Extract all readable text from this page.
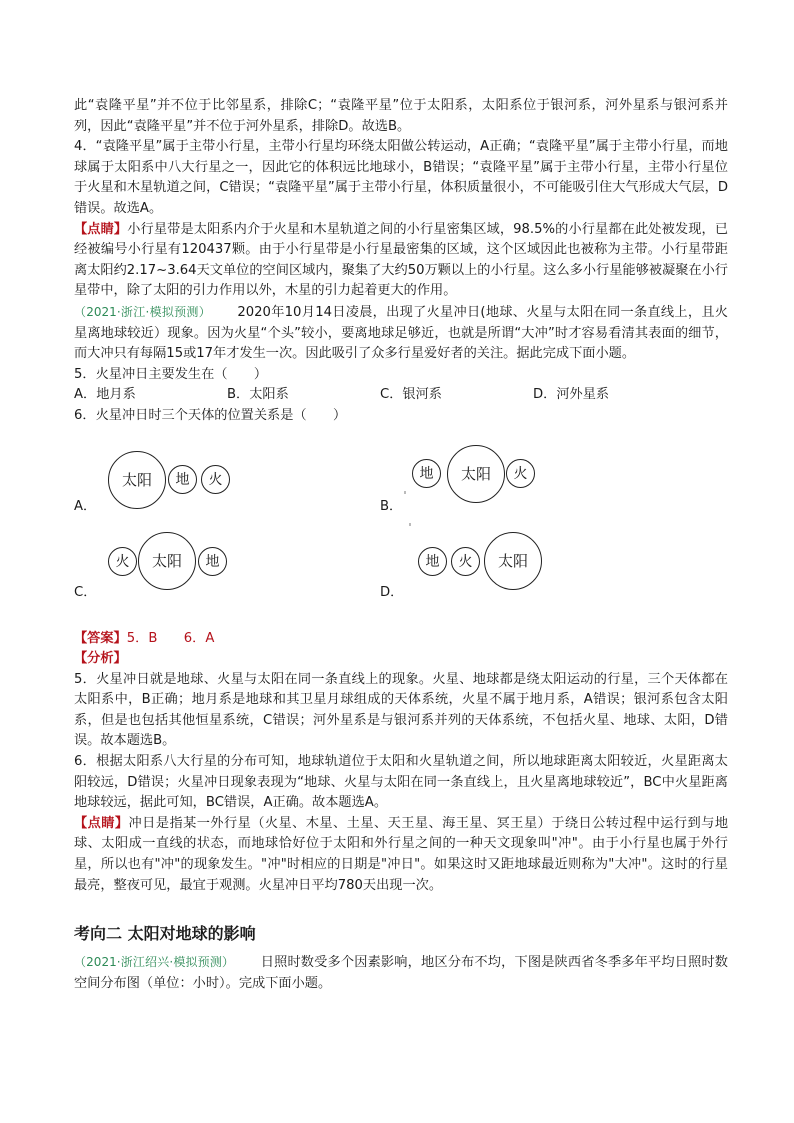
此“袁隆平星”并不位于比邻星系，排除C；“袁隆平星”位于太阳系，太阳系位于银河系，河外星系与银河系并列，因此“袁隆平星”并不位于河外星系，排除D。故选B。

4．“袁隆平星”属于主带小行星，主带小行星均环绕太阳做公转运动，A正确；“袁隆平星”属于主带小行星，而地球属于太阳系中八大行星之一，因此它的体积远比地球小，B错误；“袁隆平星”属于主带小行星，主带小行星位于火星和木星轨道之间，C错误；“袁隆平星”属于主带小行星，体积质量很小，不可能吸引住大气形成大气层，D错误。故选A。

【点睛】小行星带是太阳系内介于火星和木星轨道之间的小行星密集区域，98.5%的小行星都在此处被发现，已经被编号小行星有120437颗。由于小行星带是小行星最密集的区域，这个区域因此也被称为主带。小行星带距离太阳约2.17~3.64天文单位的空间区域内，聚集了大约50万颗以上的小行星。这么多小行星能够被凝聚在小行星带中，除了太阳的引力作用以外，木星的引力起着更大的作用。

（2021·浙江·模拟预测）   2020年10月14日凌晨，出现了火星冲日(地球、火星与太阳在同一条直线上，且火星离地球较近）现象。因为火星“个头”较小，要离地球足够近，也就是所谓“大冲”时才容易看清其表面的细节，而大冲只有每隔15或17年才发生一次。因此吸引了众多行星爱好者的关注。据此完成下面小题。

5．火星冲日主要发生在（　　）

A．地月系	B．太阳系	C．银河系	D．河外星系

6．火星冲日时三个天体的位置关系是（　　）

太阳	地	火
A．
地	太阳	火
B．
火	太阳	地
C．
地	火	太阳
D．

【答案】5．B　　6．A

【分析】

5．火星冲日就是地球、火星与太阳在同一条直线上的现象。火星、地球都是绕太阳运动的行星，三个天体都在太阳系中，B正确；地月系是地球和其卫星月球组成的天体系统，火星不属于地月系，A错误；银河系包含太阳系，但是也包括其他恒星系统，C错误；河外星系是与银河系并列的天体系统，不包括火星、地球、太阳，D错误。故本题选B。

6．根据太阳系八大行星的分布可知，地球轨道位于太阳和火星轨道之间，所以地球距离太阳较近，火星距离太阳较远，D错误；火星冲日现象表现为“地球、火星与太阳在同一条直线上，且火星离地球较近”，BC中火星距离地球较远，据此可知，BC错误，A正确。故本题选A。

【点睛】冲日是指某一外行星（火星、木星、土星、天王星、海王星、冥王星）于绕日公转过程中运行到与地球、太阳成一直线的状态，而地球恰好位于太阳和外行星之间的一种天文现象叫"冲"。由于小行星也属于外行星，所以也有"冲"的现象发生。"冲"时相应的日期是"冲日"。如果这时又距地球最近则称为"大冲"。这时的行星最亮，整夜可见，最宜于观测。火星冲日平均780天出现一次。

考向二 太阳对地球的影响

（2021·浙江绍兴·模拟预测）   日照时数受多个因素影响，地区分布不均，下图是陕西省冬季多年平均日照时数空间分布图（单位：小时）。完成下面小题。
